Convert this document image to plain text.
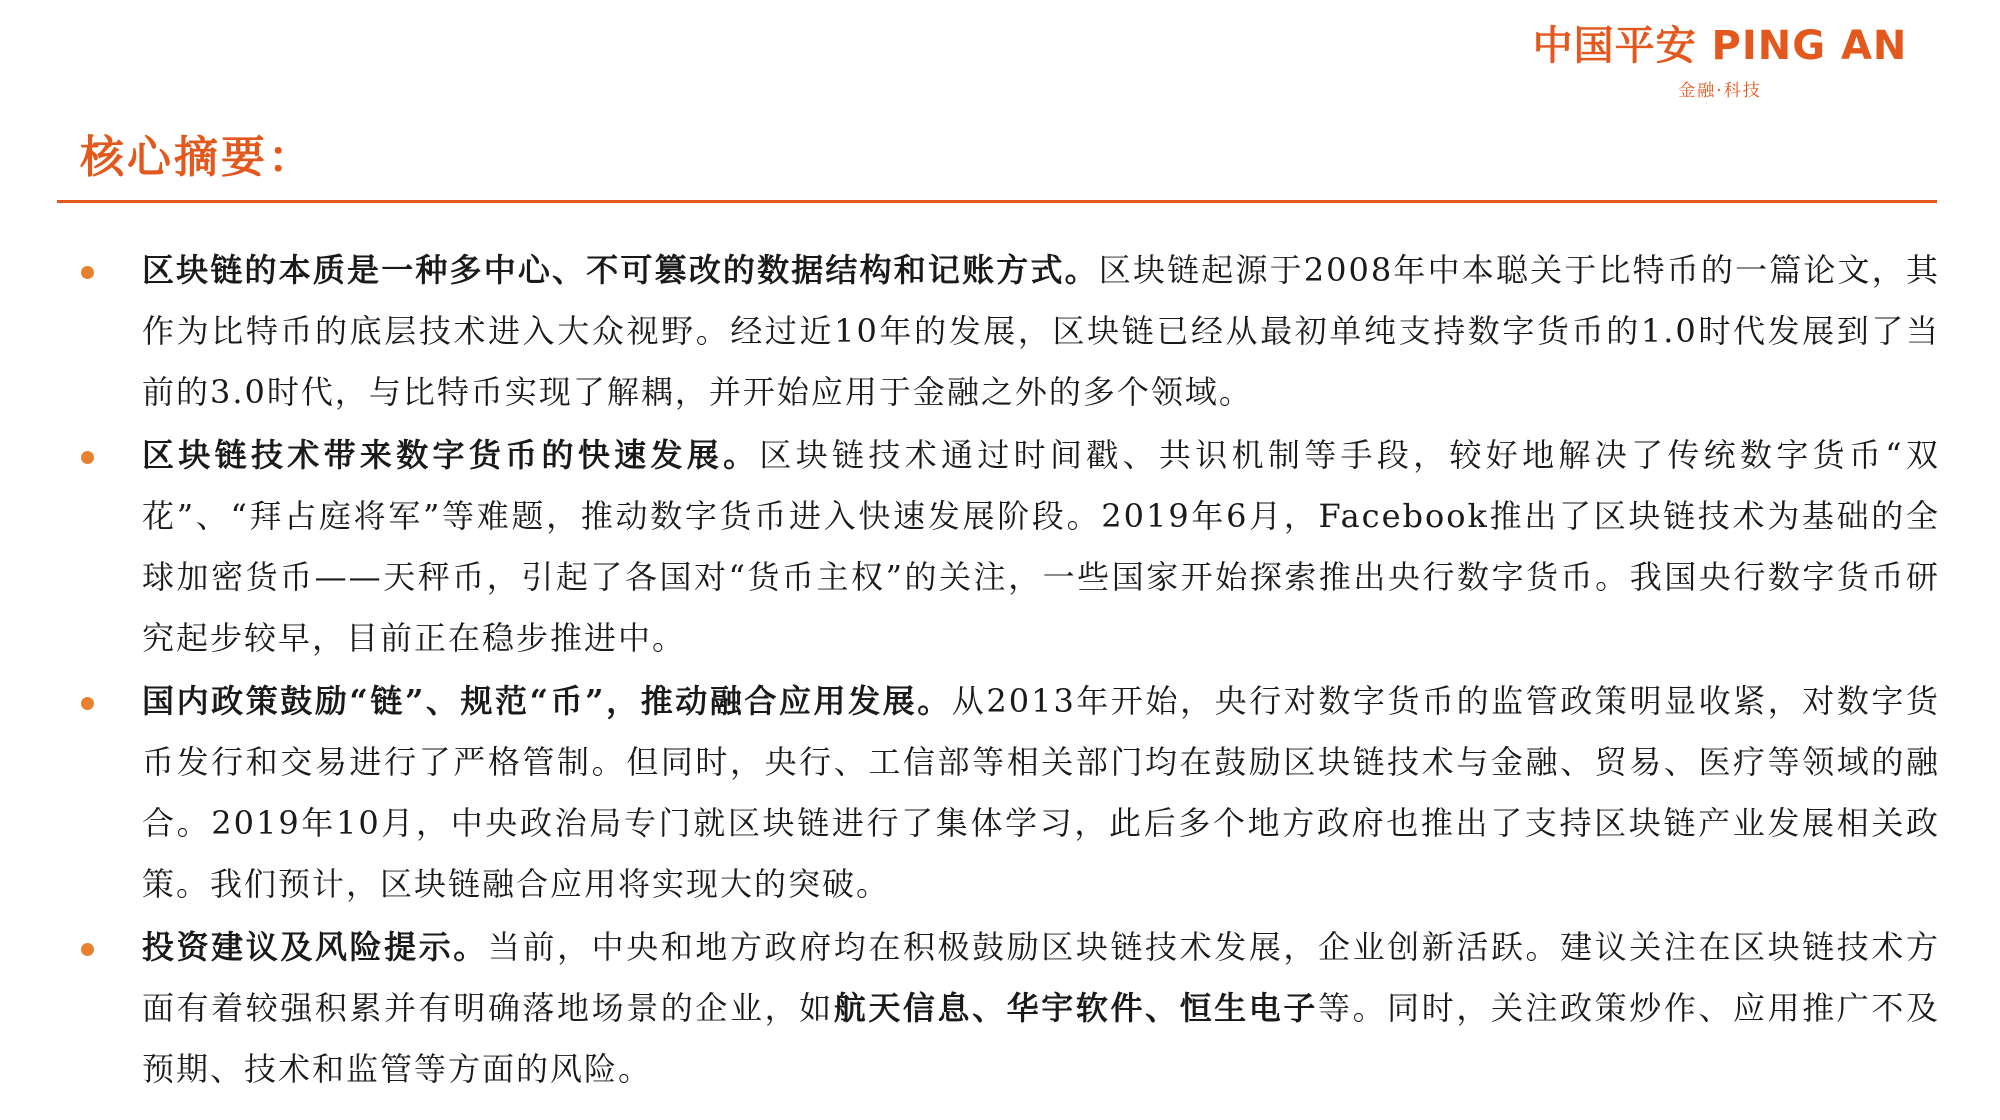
中国平安 PING AN
金融·科技
核心摘要：
区块链的本质是一种多中心、不可篡改的数据结构和记账方式。区块链起源于2008年中本聪关于比特币的一篇论文，其作为比特币的底层技术进入大众视野。经过近10年的发展，区块链已经从最初单纯支持数字货币的1.0时代发展到了当前的3.0时代，与比特币实现了解耦，并开始应用于金融之外的多个领域。
区块链技术带来数字货币的快速发展。区块链技术通过时间戳、共识机制等手段，较好地解决了传统数字货币“双花”、“拜占庭将军”等难题，推动数字货币进入快速发展阶段。2019年6月，Facebook推出了区块链技术为基础的全球加密货币——天秤币，引起了各国对“货币主权”的关注，一些国家开始探索推出央行数字货币。我国央行数字货币研究起步较早，目前正在稳步推进中。
国内政策鼓励“链”、规范“币”，推动融合应用发展。从2013年开始，央行对数字货币的监管政策明显收紧，对数字货币发行和交易进行了严格管制。但同时，央行、工信部等相关部门均在鼓励区块链技术与金融、贸易、医疗等领域的融合。2019年10月，中央政治局专门就区块链进行了集体学习，此后多个地方政府也推出了支持区块链产业发展相关政策。我们预计，区块链融合应用将实现大的突破。
投资建议及风险提示。当前，中央和地方政府均在积极鼓励区块链技术发展，企业创新活跃。建议关注在区块链技术方面有着较强积累并有明确落地场景的企业，如航天信息、华宇软件、恒生电子等。同时，关注政策炒作、应用推广不及预期、技术和监管等方面的风险。
